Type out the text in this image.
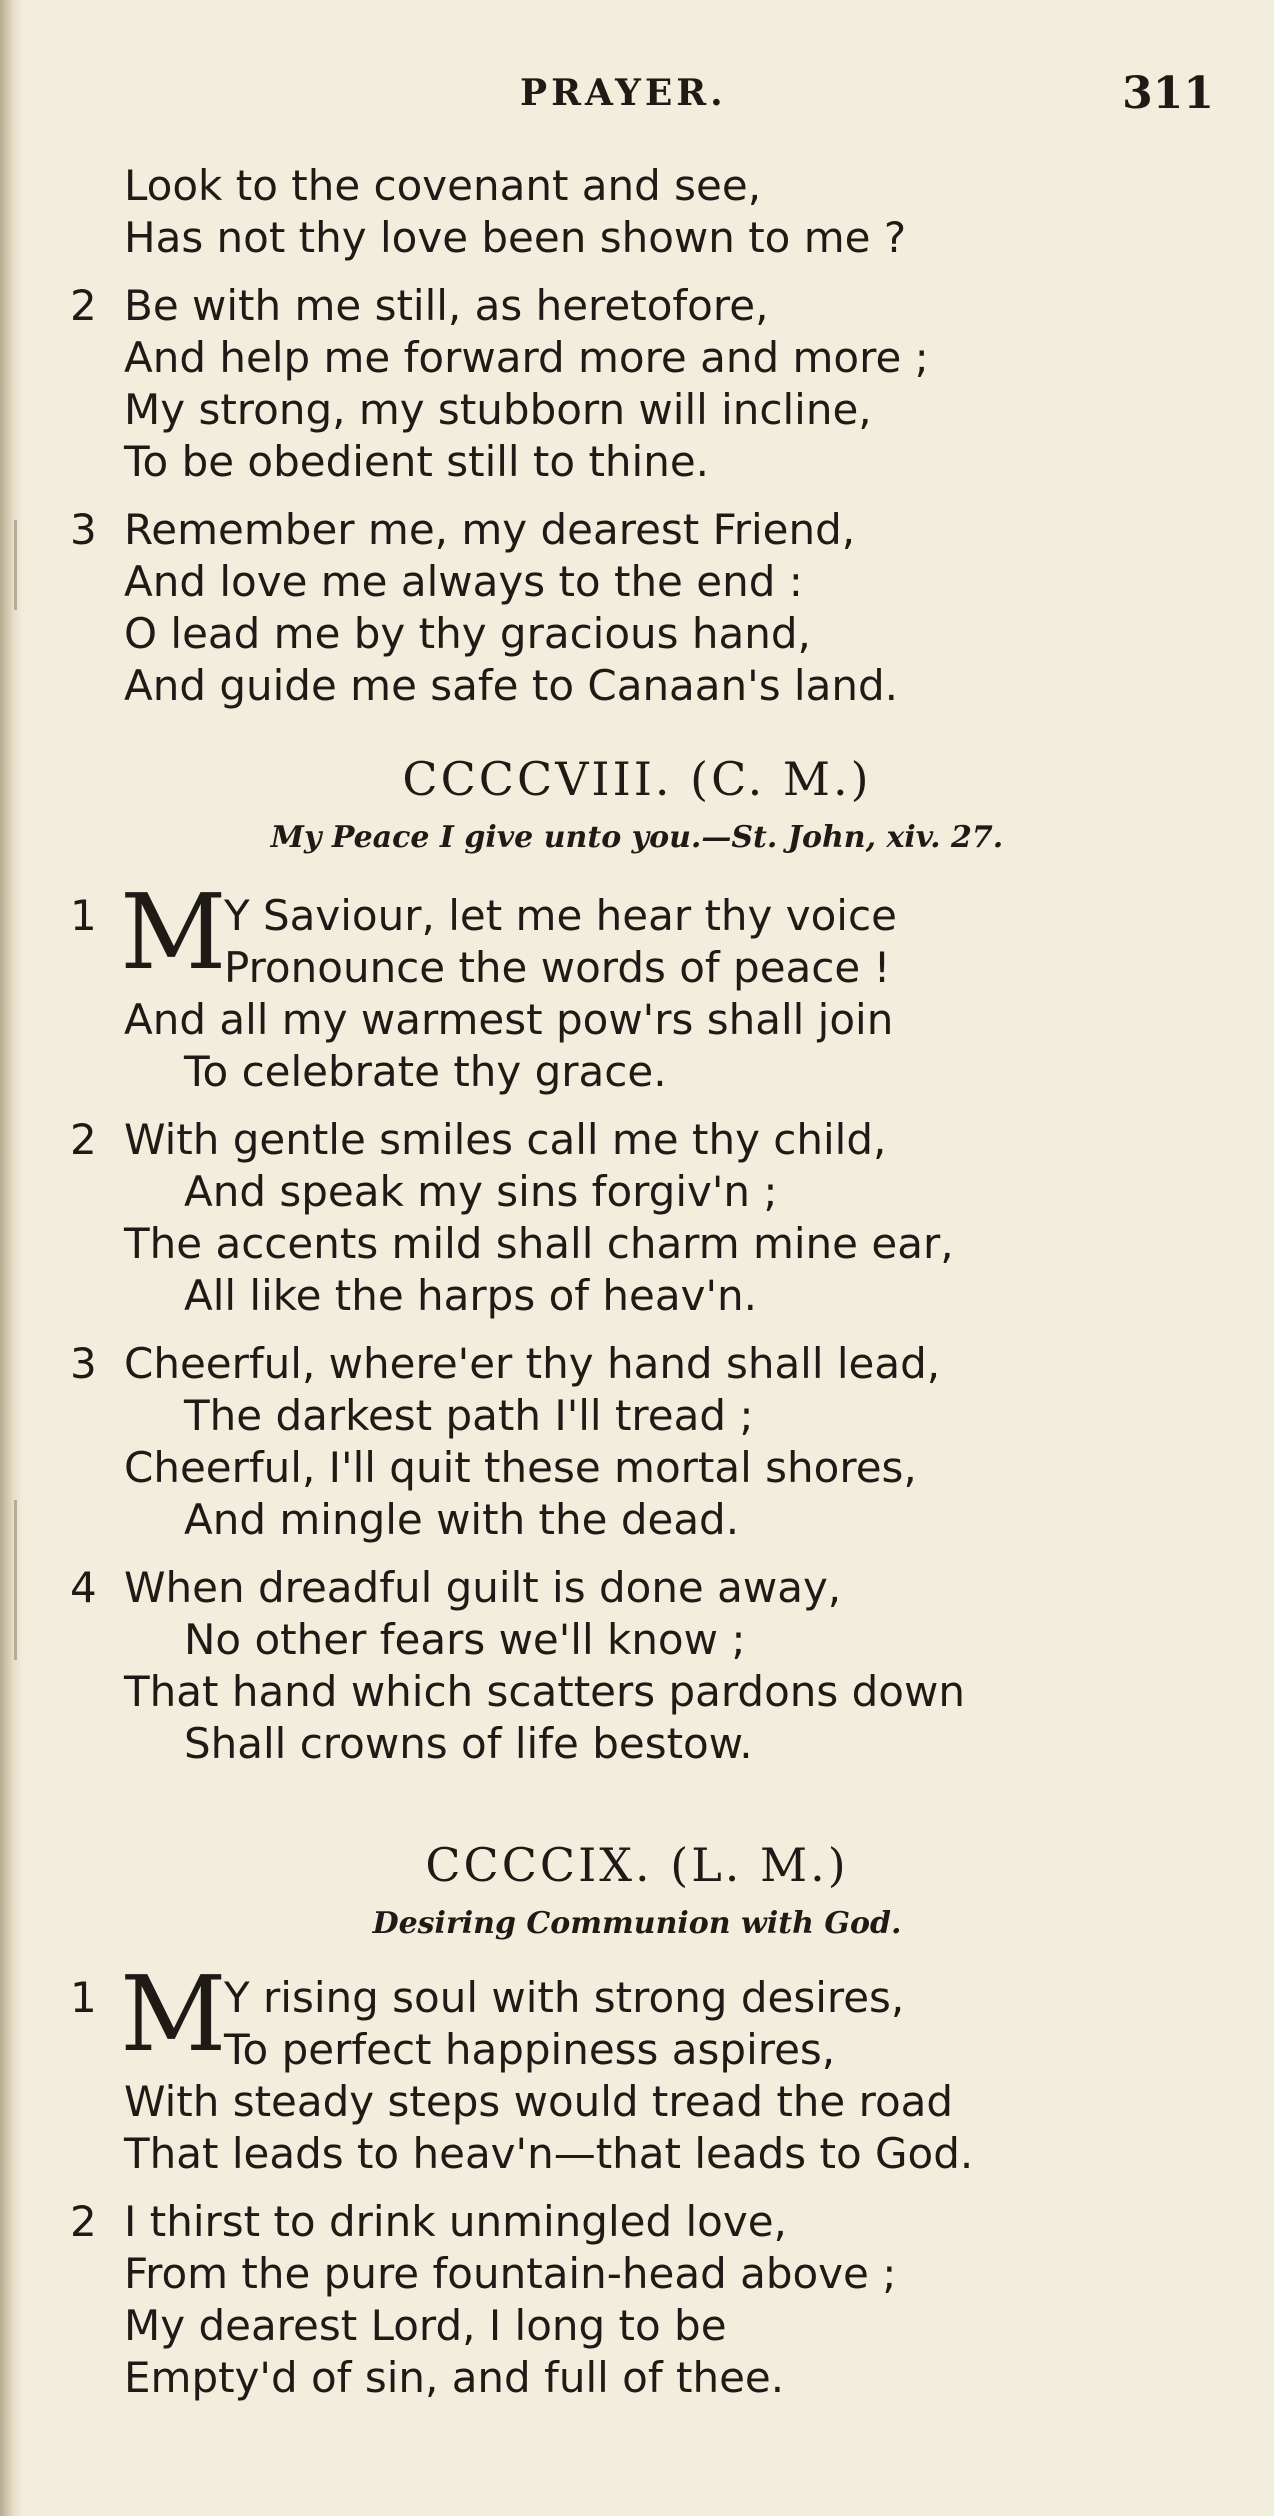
PRAYER.	311
Look to the covenant and see,
Has not thy love been shown to me ?
2 Be with me still, as heretofore,
And help me forward more and more ;
My strong, my stubborn will incline,
To be obedient still to thine.
3 Remember me, my dearest Friend,
And love me always to the end :
O lead me by thy gracious hand,
And guide me safe to Canaan's land.
CCCCVIII. (C. M.)
My Peace I give unto you.—St. John, xiv. 27.
M
1	Y Saviour, let me hear thy voice
Pronounce the words of peace !
And all my warmest pow'rs shall join
To celebrate thy grace.
2 With gentle smiles call me thy child,
And speak my sins forgiv'n ;
The accents mild shall charm mine ear,
All like the harps of heav'n.
3 Cheerful, where'er thy hand shall lead,
The darkest path I'll tread ;
Cheerful, I'll quit these mortal shores,
And mingle with the dead.
4 When dreadful guilt is done away,
No other fears we'll know ;
That hand which scatters pardons down
Shall crowns of life bestow.
CCCCIX. (L. M.)
Desiring Communion with God.
M
1	Y rising soul with strong desires,
To perfect happiness aspires,
With steady steps would tread the road
That leads to heav'n—that leads to God.
2 I thirst to drink unmingled love,
From the pure fountain-head above ;
My dearest Lord, I long to be
Empty'd of sin, and full of thee.
